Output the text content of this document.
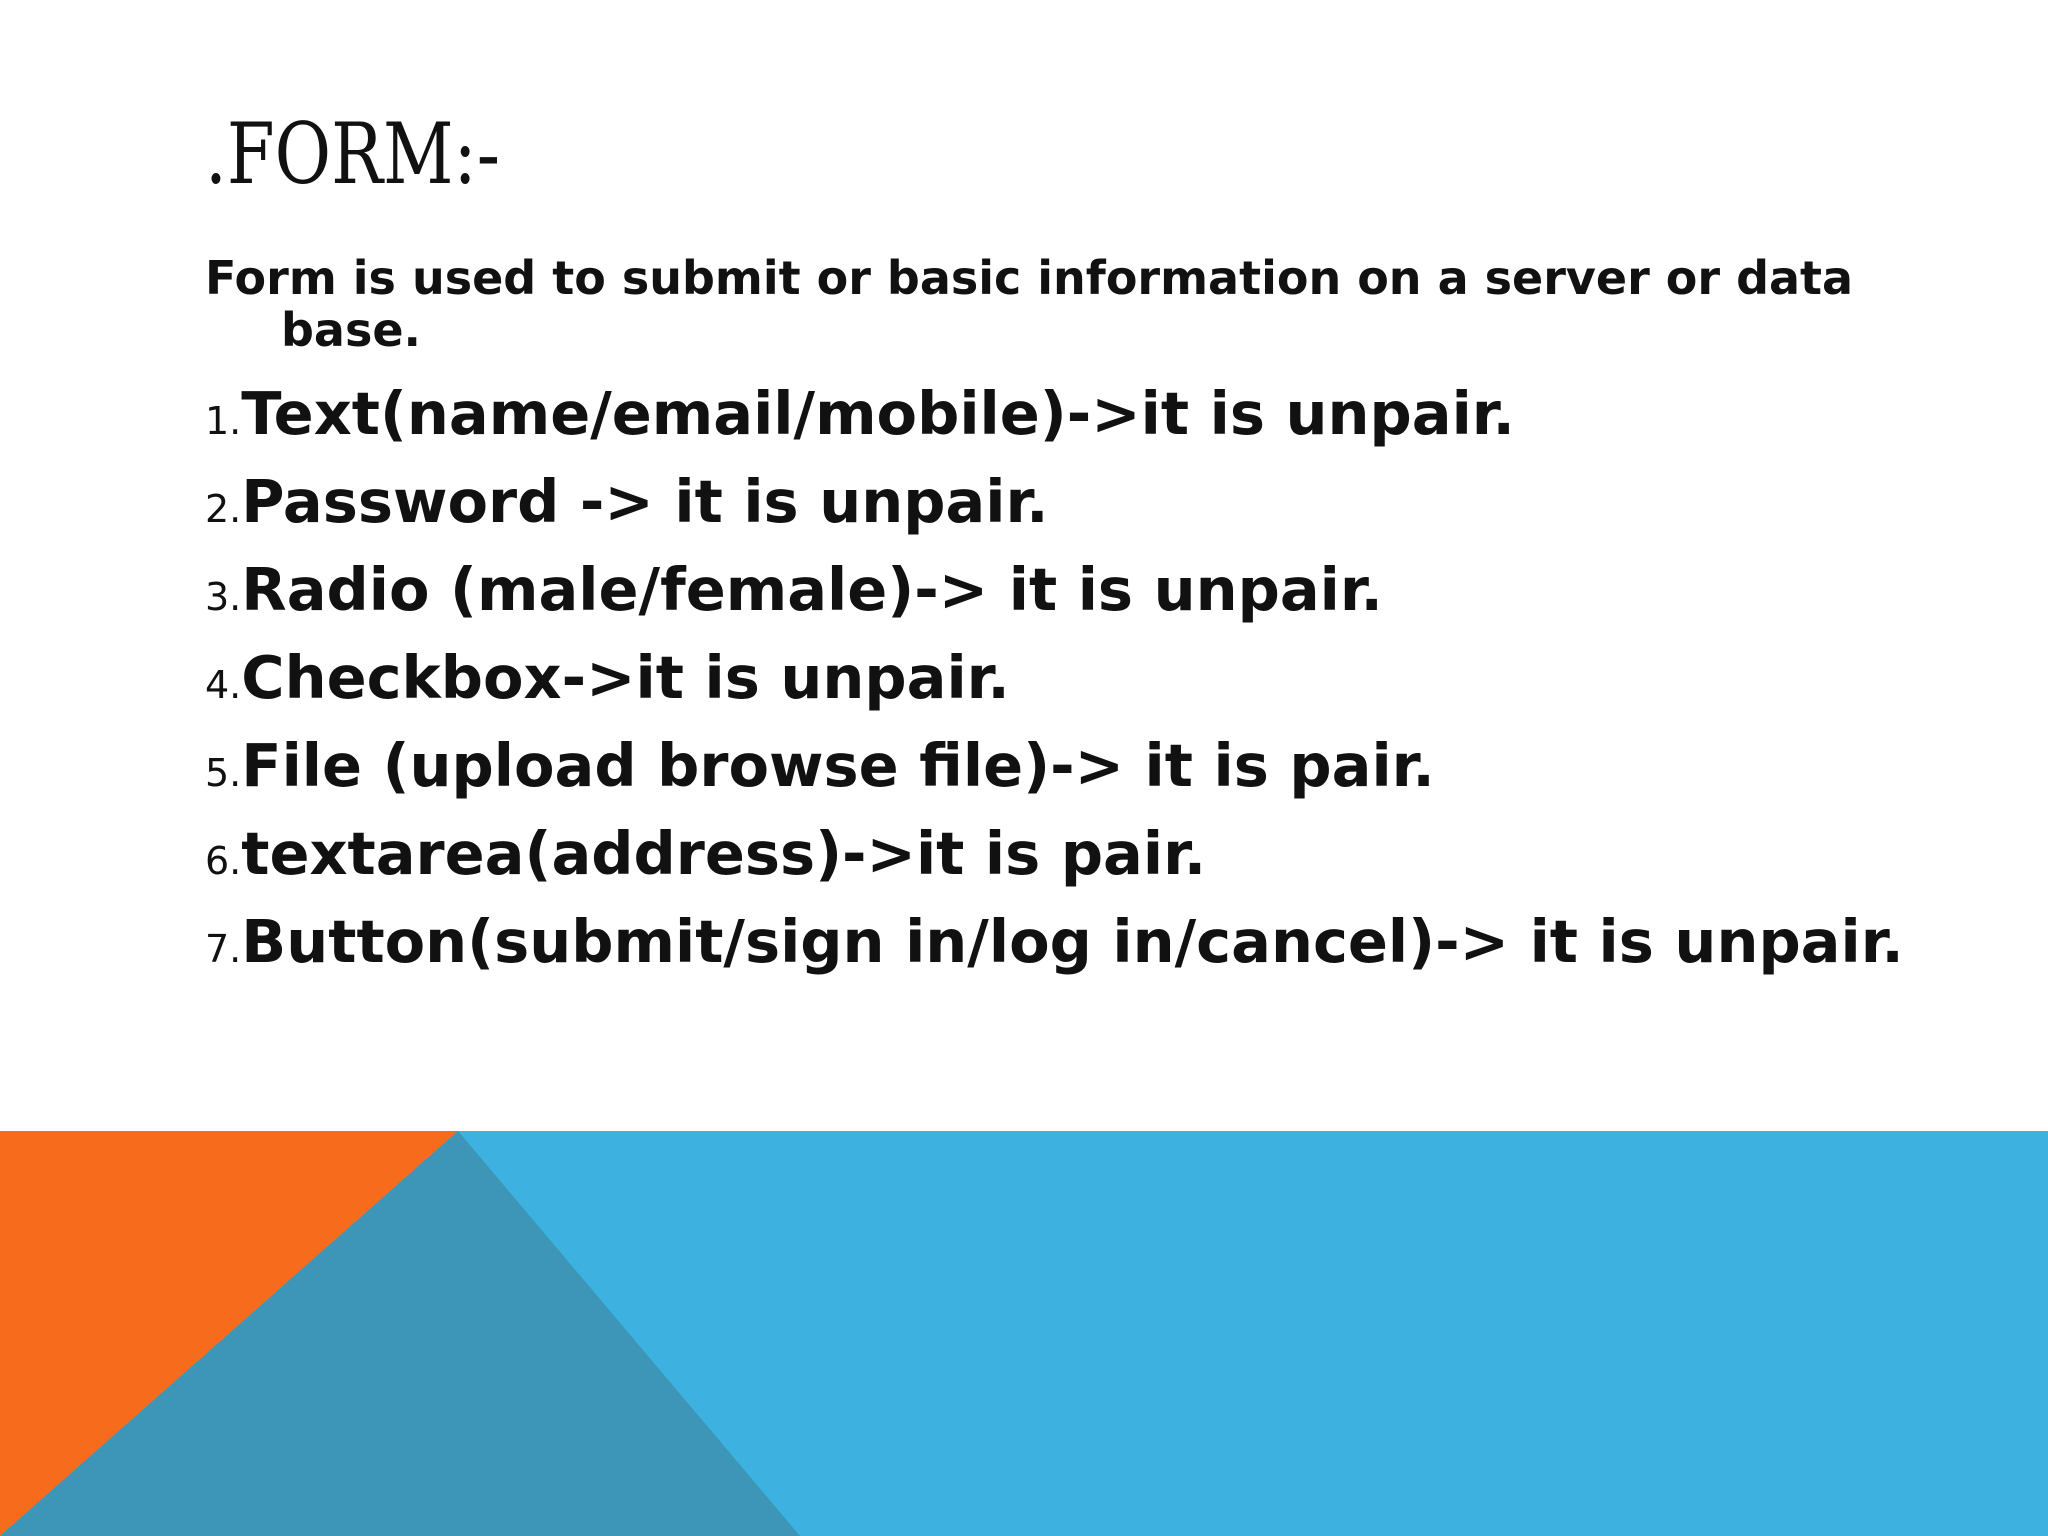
.FORM:-

Form is used to submit or basic information on a server or data base.

1.Text(name/email/mobile)->it is unpair.
2.Password -> it is unpair.
3.Radio (male/female)-> it is unpair.
4.Checkbox->it is unpair.
5.File (upload browse file)-> it is pair.
6.textarea(address)->it is pair.
7.Button(submit/sign in/log in/cancel)-> it is unpair.
